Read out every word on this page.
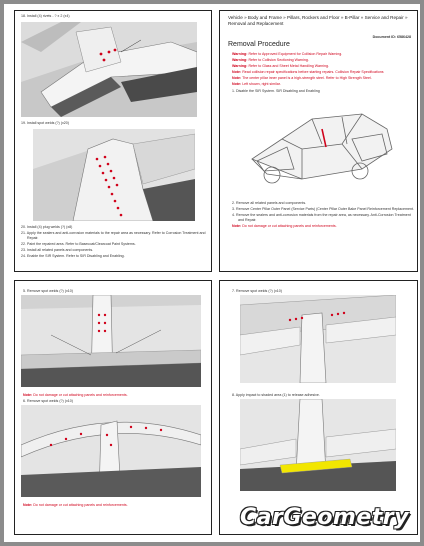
18. Install (4) rivets - ? x 2 (x4)
19. Install spot welds (?) (x20)
20. Install (4) plug welds (?) (x8)
21. Apply the sealers and anti-corrosion materials to the repair area as necessary. Refer to Corrosion Treatment and
Repair.
22. Paint the repaired area. Refer to Basecoat/Clearcoat Paint Systems.
23. Install all related panels and components.
24. Enable the SIR System. Refer to SIR Disabling and Enabling.
Vehicle » Body and Frame » Pillars, Rockers and Floor » B-Pillar » Service and Repair » Removal and Replacement
Document ID: 6586428
Removal Procedure
Warning: Refer to Approved Equipment for Collision Repair Warning.
Warning: Refer to Collision Sectioning Warning.
Warning: Refer to Glass and Sheet Metal Handling Warning.
Note: Read collision repair specifications before starting repairs. Collision Repair Specifications
Note: The center pillar inner panel is a high-strength steel. Refer to High Strength Steel.
Note: Left shown, right similar.
1. Disable the SIR System. SIR Disabling and Enabling
2. Remove all related panels and components.
3. Remove Center Pillar Outer Panel (Service Parts) (Center Pillar Outer Bake Panel Reinforcement Replacement.
4. Remove the sealers and anti-corrosion materials from the repair area, as necessary. Anti-Corrosion Treatment
and Repair.
Note: Do not damage or cut attaching panels and reinforcements.
5. Remove spot welds (?) (x10)
Note: Do not damage or cut attaching panels and reinforcements.
6. Remove spot welds (?) (x10)
Note: Do not damage or cut attaching panels and reinforcements.
7. Remove spot welds (?) (x10)
8. Apply impact to shaded area (1) to release adhesive.
CarGeometry
